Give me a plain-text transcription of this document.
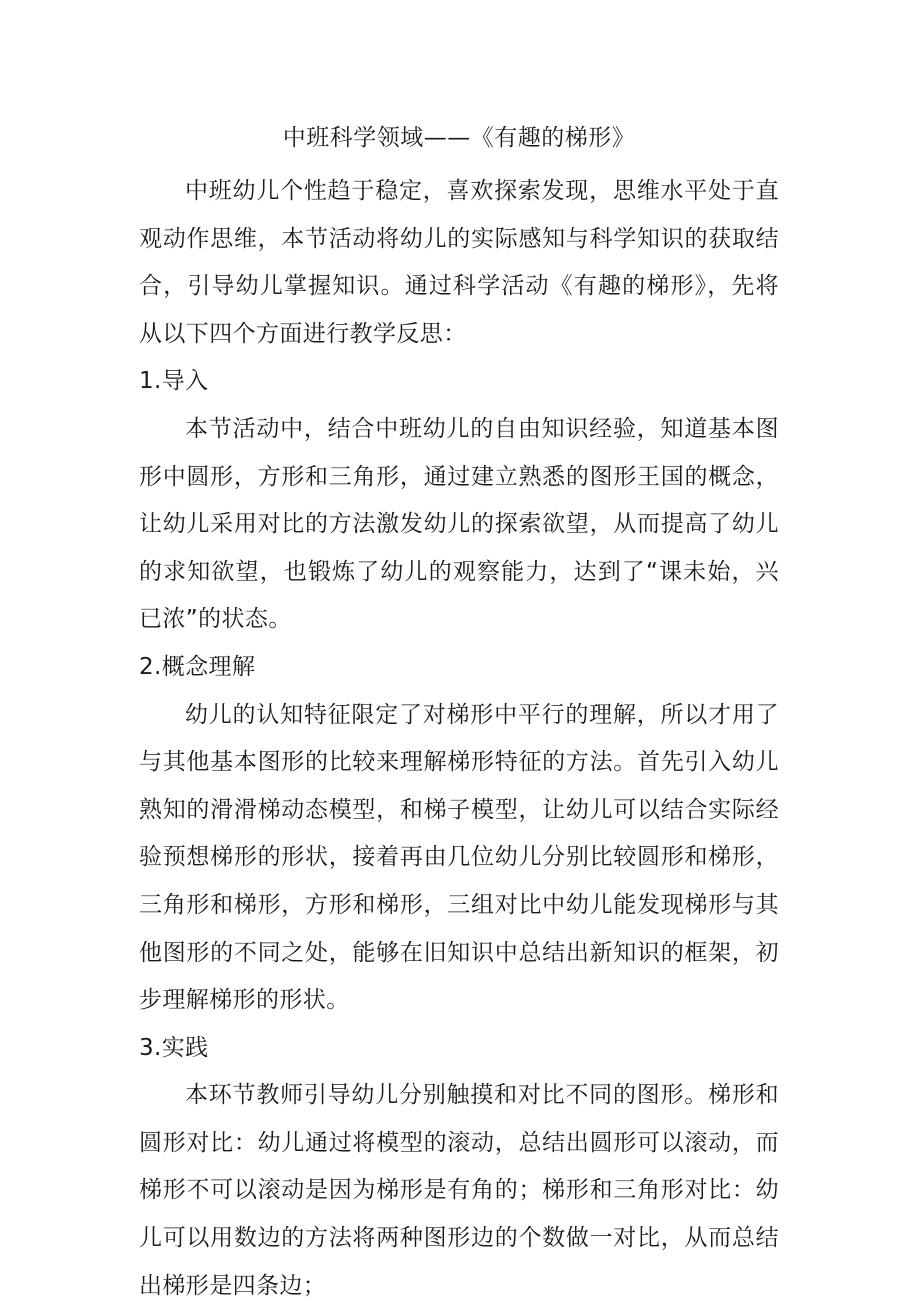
中班科学领域——《有趣的梯形》

中班幼儿个性趋于稳定，喜欢探索发现，思维水平处于直观动作思维，本节活动将幼儿的实际感知与科学知识的获取结合，引导幼儿掌握知识。通过科学活动《有趣的梯形》，先将从以下四个方面进行教学反思：

1.导入

本节活动中，结合中班幼儿的自由知识经验，知道基本图形中圆形，方形和三角形，通过建立熟悉的图形王国的概念，让幼儿采用对比的方法激发幼儿的探索欲望，从而提高了幼儿的求知欲望，也锻炼了幼儿的观察能力，达到了“课未始，兴已浓”的状态。

2.概念理解

幼儿的认知特征限定了对梯形中平行的理解，所以才用了与其他基本图形的比较来理解梯形特征的方法。首先引入幼儿熟知的滑滑梯动态模型，和梯子模型，让幼儿可以结合实际经验预想梯形的形状，接着再由几位幼儿分别比较圆形和梯形，三角形和梯形，方形和梯形，三组对比中幼儿能发现梯形与其他图形的不同之处，能够在旧知识中总结出新知识的框架，初步理解梯形的形状。

3.实践

本环节教师引导幼儿分别触摸和对比不同的图形。梯形和圆形对比：幼儿通过将模型的滚动，总结出圆形可以滚动，而梯形不可以滚动是因为梯形是有角的；梯形和三角形对比：幼儿可以用数边的方法将两种图形边的个数做一对比，从而总结出梯形是四条边；
